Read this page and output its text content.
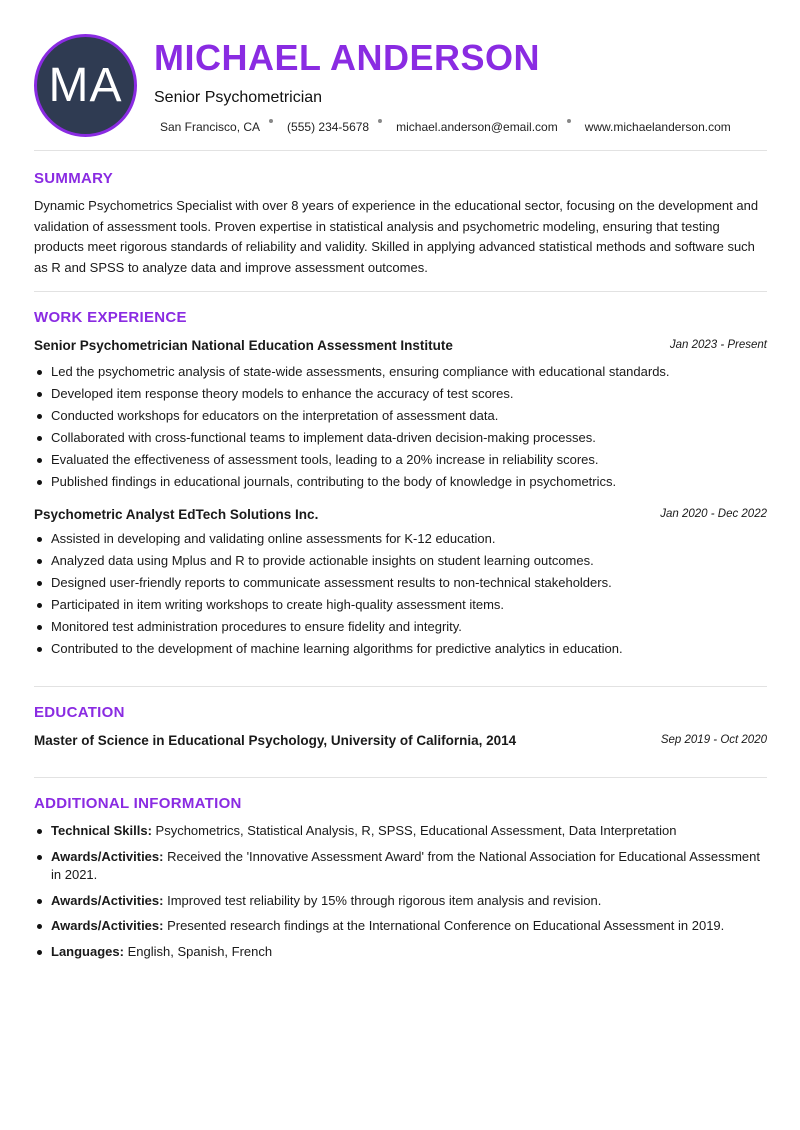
MA
MICHAEL ANDERSON
Senior Psychometrician
San Francisco, CA (555) 234-5678 michael.anderson@email.com www.michaelanderson.com
SUMMARY
Dynamic Psychometrics Specialist with over 8 years of experience in the educational sector, focusing on the development and validation of assessment tools. Proven expertise in statistical analysis and psychometric modeling, ensuring that testing products meet rigorous standards of reliability and validity. Skilled in applying advanced statistical methods and software such as R and SPSS to analyze data and improve assessment outcomes.
WORK EXPERIENCE
Senior Psychometrician National Education Assessment Institute	Jan 2023 - Present
Led the psychometric analysis of state-wide assessments, ensuring compliance with educational standards.
Developed item response theory models to enhance the accuracy of test scores.
Conducted workshops for educators on the interpretation of assessment data.
Collaborated with cross-functional teams to implement data-driven decision-making processes.
Evaluated the effectiveness of assessment tools, leading to a 20% increase in reliability scores.
Published findings in educational journals, contributing to the body of knowledge in psychometrics.
Psychometric Analyst EdTech Solutions Inc.	Jan 2020 - Dec 2022
Assisted in developing and validating online assessments for K-12 education.
Analyzed data using Mplus and R to provide actionable insights on student learning outcomes.
Designed user-friendly reports to communicate assessment results to non-technical stakeholders.
Participated in item writing workshops to create high-quality assessment items.
Monitored test administration procedures to ensure fidelity and integrity.
Contributed to the development of machine learning algorithms for predictive analytics in education.
EDUCATION
Master of Science in Educational Psychology, University of California, 2014	Sep 2019 - Oct 2020
ADDITIONAL INFORMATION
Technical Skills: Psychometrics, Statistical Analysis, R, SPSS, Educational Assessment, Data Interpretation
Awards/Activities: Received the 'Innovative Assessment Award' from the National Association for Educational Assessment in 2021.
Awards/Activities: Improved test reliability by 15% through rigorous item analysis and revision.
Awards/Activities: Presented research findings at the International Conference on Educational Assessment in 2019.
Languages: English, Spanish, French
